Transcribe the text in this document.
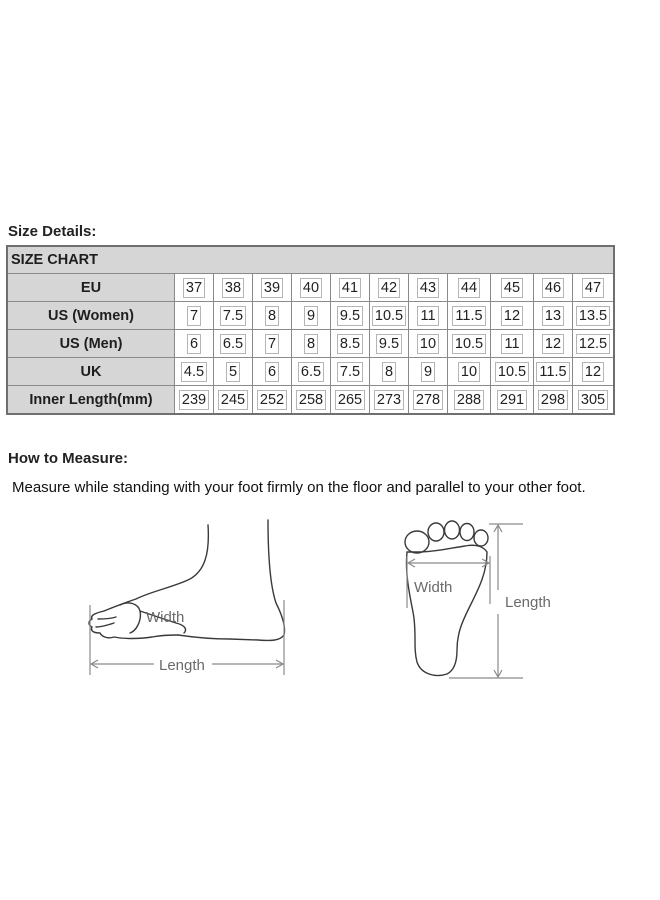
Size Details:
SIZE CHART											
EU	37	38	39	40	41	42	43	44	45	46	47
US (Women)	7	7.5	8	9	9.5	10.5	11	11.5	12	13	13.5
US (Men)	6	6.5	7	8	8.5	9.5	10	10.5	11	12	12.5
UK	4.5	5	6	6.5	7.5	8	9	10	10.5	11.5	12
Inner Length(mm)	239	245	252	258	265	273	278	288	291	298	305
How to Measure:
Measure while standing with your foot firmly on the floor and parallel to your other foot.
Width
Length
Width
Length
